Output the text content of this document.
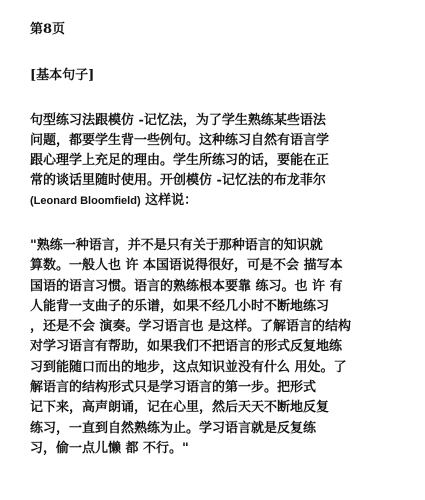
第8页
[基本句子]
句型练习法跟模仿 -记忆法，为了学生熟练某些语法
问题，都要学生背一些例句。这种练习自然有语言学
跟心理学上充足的理由。学生所练习的话，要能在正
常的谈话里随时使用。开创模仿 -记忆法的布龙菲尔
(Leonard Bloomfield) 这样说：
"熟练一种语言，并不是只有关于那种语言的知识就
算数。一般人也 许 本国语说得很好，可是不会 描写本
国语的语言习惯。语言的熟练根本要靠 练习。也 许 有
人能背一支曲子的乐谱，如果不经几小时不断地练习
，还是不会 演奏。学习语言也 是这样。了解语言的结构
对学习语言有帮助，如果我们不把语言的形式反复地练
习到能随口而出的地步，这点知识並没有什么 用处。了
解语言的结构形式只是学习语言的第一步。把形式
记下来，高声朗诵，记在心里，然后天天不断地反复
练习，一直到自然熟练为止。学习语言就是反复练
习，偷一点儿懒 都 不行。"
